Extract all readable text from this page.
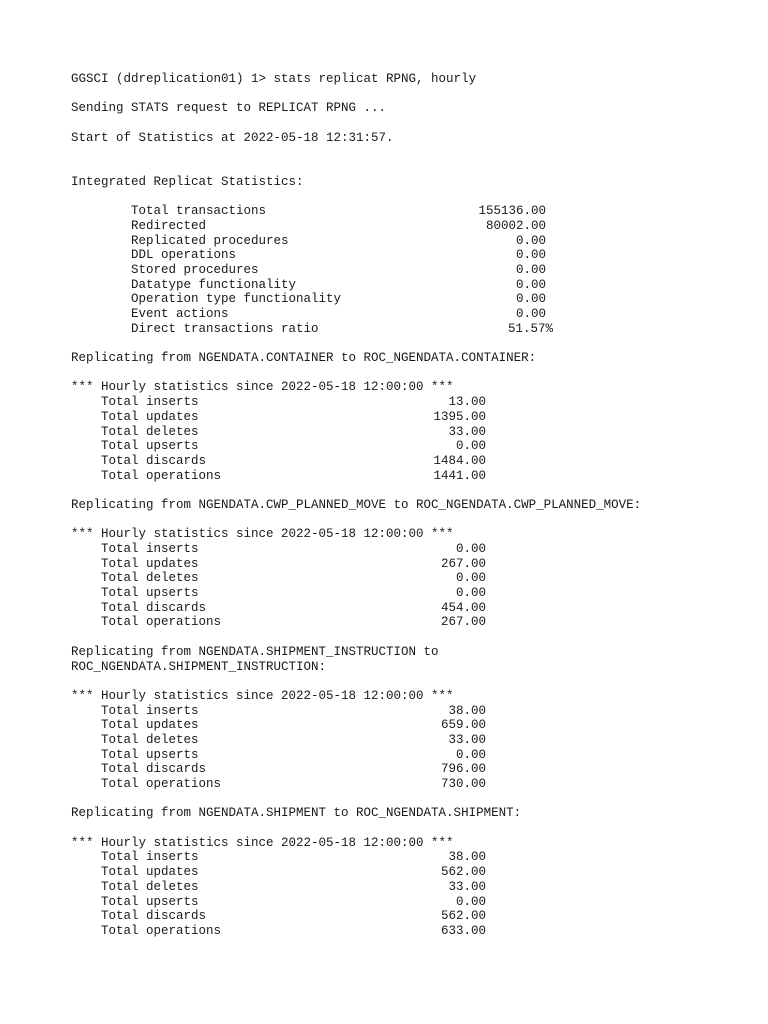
GGSCI (ddreplication01) 1> stats replicat RPNG, hourly
Sending STATS request to REPLICAT RPNG ...
Start of Statistics at 2022-05-18 12:31:57.
Integrated Replicat Statistics:
Total transactions	155136.00
Redirected	80002.00
Replicated procedures	0.00
DDL operations	0.00
Stored procedures	0.00
Datatype functionality	0.00
Operation type functionality	0.00
Event actions	0.00
Direct transactions ratio	51.57%
Replicating from NGENDATA.CONTAINER to ROC_NGENDATA.CONTAINER:
*** Hourly statistics since 2022-05-18 12:00:00 ***
Total inserts	13.00
Total updates	1395.00
Total deletes	33.00
Total upserts	0.00
Total discards	1484.00
Total operations	1441.00
Replicating from NGENDATA.CWP_PLANNED_MOVE to ROC_NGENDATA.CWP_PLANNED_MOVE:
*** Hourly statistics since 2022-05-18 12:00:00 ***
Total inserts	0.00
Total updates	267.00
Total deletes	0.00
Total upserts	0.00
Total discards	454.00
Total operations	267.00
Replicating from NGENDATA.SHIPMENT_INSTRUCTION to
ROC_NGENDATA.SHIPMENT_INSTRUCTION:
*** Hourly statistics since 2022-05-18 12:00:00 ***
Total inserts	38.00
Total updates	659.00
Total deletes	33.00
Total upserts	0.00
Total discards	796.00
Total operations	730.00
Replicating from NGENDATA.SHIPMENT to ROC_NGENDATA.SHIPMENT:
*** Hourly statistics since 2022-05-18 12:00:00 ***
Total inserts	38.00
Total updates	562.00
Total deletes	33.00
Total upserts	0.00
Total discards	562.00
Total operations	633.00
